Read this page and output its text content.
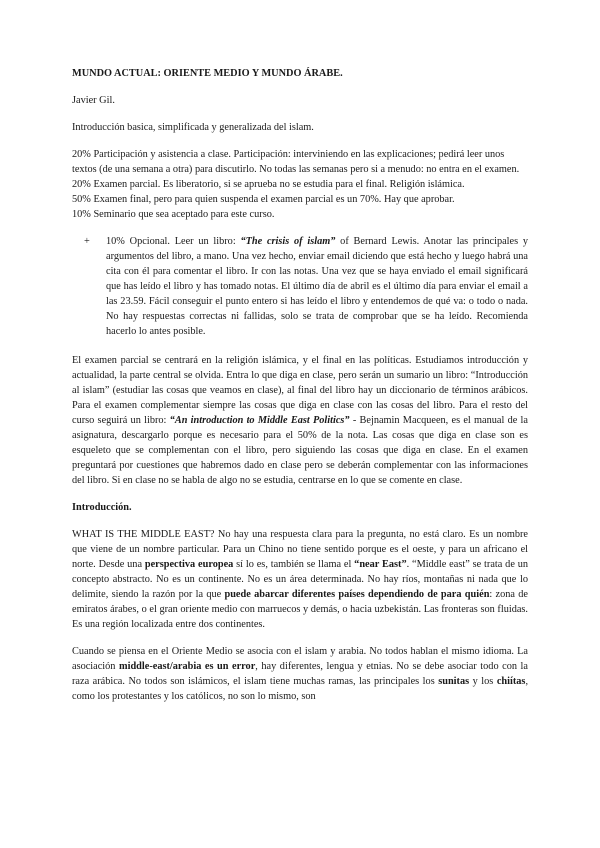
MUNDO ACTUAL: ORIENTE MEDIO Y MUNDO ÁRABE.

Javier Gil.

Introducción basica, simplificada y generalizada del islam.

20% Participación y asistencia a clase. Participación: interviniendo en las explicaciones; pedirá leer unos textos (de una semana a otra) para discutirlo. No todas las semanas pero si a menudo: no entra en el examen.

20% Examen parcial. Es liberatorio, si se aprueba no se estudia para el final. Religión islámica.

50% Examen final, pero para quien suspenda el examen parcial es un 70%. Hay que aprobar.

10% Seminario que sea aceptado para este curso.

+	10% Opcional. Leer un libro: “The crisis of islam” of Bernard Lewis. Anotar las principales y argumentos del libro, a mano. Una vez hecho, enviar email diciendo que está hecho y luego habrá una cita con él para comentar el libro. Ir con las notas. Una vez que se haya enviado el email significará que has leído el libro y has tomado notas. El último día de abril es el último día para enviar el email a las 23.59. Fácil conseguir el punto entero si has leído el libro y entendemos de qué va: o todo o nada. No hay respuestas correctas ni fallidas, solo se trata de comprobar que se ha leído. Recomienda hacerlo lo antes posible.

El examen parcial se centrará en la religión islámica, y el final en las políticas. Estudiamos introducción y actualidad, la parte central se olvida. Entra lo que diga en clase, pero serán un sumario un libro: “Introducción al islam” (estudiar las cosas que veamos en clase), al final del libro hay un diccionario de términos arábicos. Para el examen complementar siempre las cosas que diga en clase con las cosas del libro. Para el resto del curso seguirá un libro: “An introduction to Middle East Politics” - Bejnamin Macqueen, es el manual de la asignatura, descargarlo porque es necesario para el 50% de la nota. Las cosas que diga en clase son es esqueleto que se complementan con el libro, pero siguiendo las cosas que diga en clase. En el examen preguntará por cuestiones que habremos dado en clase pero se deberán complementar con las informaciones del libro. Si en clase no se habla de algo no se estudia, centrarse en lo que se comente en clase.

Introducción.

WHAT IS THE MIDDLE EAST? No hay una respuesta clara para la pregunta, no está claro. Es un nombre que viene de un nombre particular. Para un Chino no tiene sentido porque es el oeste, y para un africano el norte. Desde una perspectiva europea sí lo es, también se llama el “near East”. “Middle east” se trata de un concepto abstracto. No es un continente. No es un área determinada. No hay ríos, montañas ni nada que lo delimite, siendo la razón por la que puede abarcar diferentes países dependiendo de para quién: zona de emiratos árabes, o el gran oriente medio con marruecos y demás, o hacia uzbekistán. Las fronteras son fluidas. Es una región localizada entre dos continentes.

Cuando se piensa en el Oriente Medio se asocia con el islam y arabia. No todos hablan el mismo idioma. La asociación middle-east/arabia es un error, hay diferentes, lengua y etnias. No se debe asociar todo con la raza arábica. No todos son islámicos, el islam tiene muchas ramas, las principales los sunitas y los chiítas, como los protestantes y los católicos, no son lo mismo, son
